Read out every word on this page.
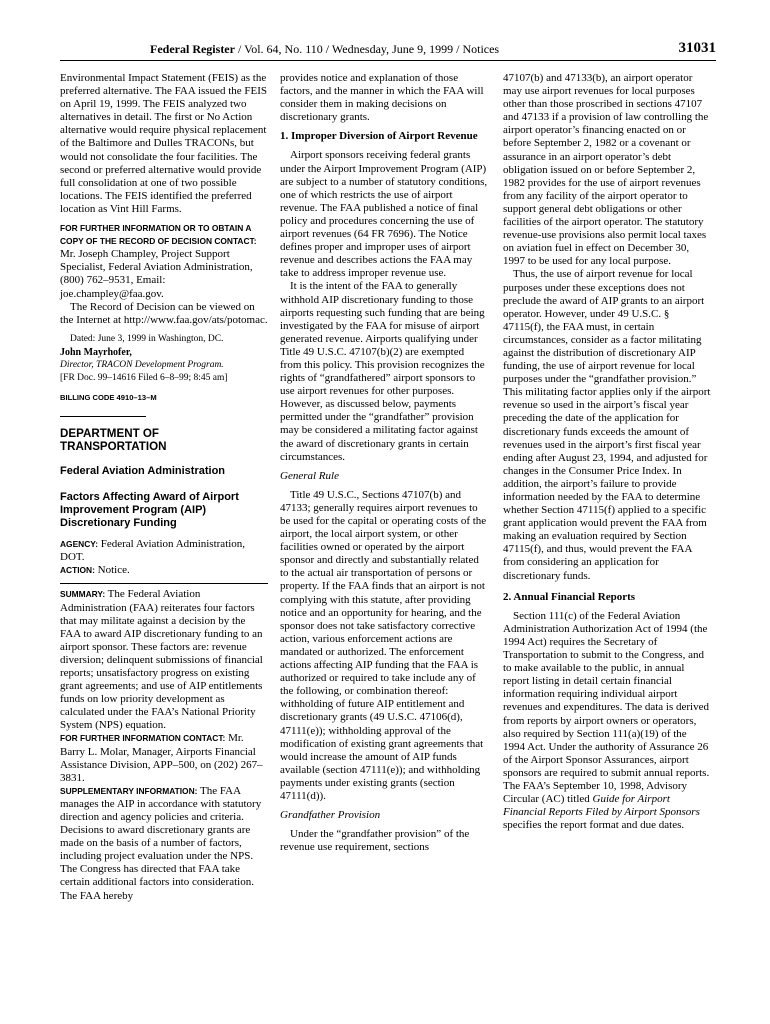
Federal Register / Vol. 64, No. 110 / Wednesday, June 9, 1999 / Notices	31031

Environmental Impact Statement (FEIS) as the preferred alternative. The FAA issued the FEIS on April 19, 1999. The FEIS analyzed two alternatives in detail. The first or No Action alternative would require physical replacement of the Baltimore and Dulles TRACONs, but would not consolidate the four facilities. The second or preferred alternative would provide full consolidation at one of two possible locations. The FEIS identified the preferred location as Vint Hill Farms.

FOR FURTHER INFORMATION OR TO OBTAIN A COPY OF THE RECORD OF DECISION CONTACT: Mr. Joseph Champley, Project Support Specialist, Federal Aviation Administration, (800) 762–9531, Email: joe.champley@faa.gov.

The Record of Decision can be viewed on the Internet at http://www.faa.gov/ats/potomac.

Dated: June 3, 1999 in Washington, DC.

John Mayrhofer,

Director, TRACON Development Program.

[FR Doc. 99–14616 Filed 6–8–99; 8:45 am]

BILLING CODE 4910–13–M

DEPARTMENT OF TRANSPORTATION

Federal Aviation Administration

Factors Affecting Award of Airport Improvement Program (AIP) Discretionary Funding

AGENCY: Federal Aviation Administration, DOT.

ACTION: Notice.

SUMMARY: The Federal Aviation Administration (FAA) reiterates four factors that may militate against a decision by the FAA to award AIP discretionary funding to an airport sponsor. These factors are: revenue diversion; delinquent submissions of financial reports; unsatisfactory progress on existing grant agreements; and use of AIP entitlements funds on low priority development as calculated under the FAA’s National Priority System (NPS) equation.

FOR FURTHER INFORMATION CONTACT: Mr. Barry L. Molar, Manager, Airports Financial Assistance Division, APP–500, on (202) 267–3831.

SUPPLEMENTARY INFORMATION: The FAA manages the AIP in accordance with statutory direction and agency policies and criteria. Decisions to award discretionary grants are made on the basis of a number of factors, including project evaluation under the NPS. The Congress has directed that FAA take certain additional factors into consideration. The FAA hereby

provides notice and explanation of those factors, and the manner in which the FAA will consider them in making decisions on discretionary grants.

1. Improper Diversion of Airport Revenue

Airport sponsors receiving federal grants under the Airport Improvement Program (AIP) are subject to a number of statutory conditions, one of which restricts the use of airport revenue. The FAA published a notice of final policy and procedures concerning the use of airport revenues (64 FR 7696). The Notice defines proper and improper uses of airport revenue and describes actions the FAA may take to address improper revenue use.

It is the intent of the FAA to generally withhold AIP discretionary funding to those airports requesting such funding that are being investigated by the FAA for misuse of airport generated revenue. Airports qualifying under Title 49 U.S.C. 47107(b)(2) are exempted from this policy. This provision recognizes the rights of “grandfathered” airport sponsors to use airport revenues for other purposes. However, as discussed below, payments permitted under the “grandfather” provision may be considered a militating factor against the award of discretionary grants in certain circumstances.

General Rule

Title 49 U.S.C., Sections 47107(b) and 47133; generally requires airport revenues to be used for the capital or operating costs of the airport, the local airport system, or other facilities owned or operated by the airport sponsor and directly and substantially related to the actual air transportation of persons or property. If the FAA finds that an airport is not complying with this statute, after providing notice and an opportunity for hearing, and the sponsor does not take satisfactory corrective action, various enforcement actions are mandated or authorized. The enforcement actions affecting AIP funding that the FAA is authorized or required to take include any of the following, or combination thereof: withholding of future AIP entitlement and discretionary grants (49 U.S.C. 47106(d), 47111(e)); withholding approval of the modification of existing grant agreements that would increase the amount of AIP funds available (section 47111(e)); and withholding payments under existing grants (section 47111(d)).

Grandfather Provision

Under the “grandfather provision” of the revenue use requirement, sections

47107(b) and 47133(b), an airport operator may use airport revenues for local purposes other than those proscribed in sections 47107 and 47133 if a provision of law controlling the airport operator’s financing enacted on or before September 2, 1982 or a covenant or assurance in an airport operator’s debt obligation issued on or before September 2, 1982 provides for the use of airport revenues from any facility of the airport operator to support general debt obligations or other facilities of the airport operator. The statutory revenue-use provisions also permit local taxes on aviation fuel in effect on December 30, 1997 to be used for any local purpose.

Thus, the use of airport revenue for local purposes under these exceptions does not preclude the award of AIP grants to an airport operator. However, under 49 U.S.C. § 47115(f), the FAA must, in certain circumstances, consider as a factor militating against the distribution of discretionary AIP funding, the use of airport revenue for local purposes under the “grandfather provision.” This militating factor applies only if the airport revenue so used in the airport’s fiscal year preceding the date of the application for discretionary funds exceeds the amount of revenues used in the airport’s first fiscal year ending after August 23, 1994, and adjusted for changes in the Consumer Price Index. In addition, the airport’s failure to provide information needed by the FAA to determine whether Section 47115(f) applied to a specific grant application would prevent the FAA from making an evaluation required by Section 47115(f), and thus, would prevent the FAA from considering an application for discretionary funds.

2. Annual Financial Reports

Section 111(c) of the Federal Aviation Administration Authorization Act of 1994 (the 1994 Act) requires the Secretary of Transportation to submit to the Congress, and to make available to the public, in annual report listing in detail certain financial information requiring individual airport revenues and expenditures. The data is derived from reports by airport owners or operators, also required by Section 111(a)(19) of the 1994 Act. Under the authority of Assurance 26 of the Airport Sponsor Assurances, airport sponsors are required to submit annual reports. The FAA’s September 10, 1998, Advisory Circular (AC) titled Guide for Airport Financial Reports Filed by Airport Sponsors specifies the report format and due dates.
